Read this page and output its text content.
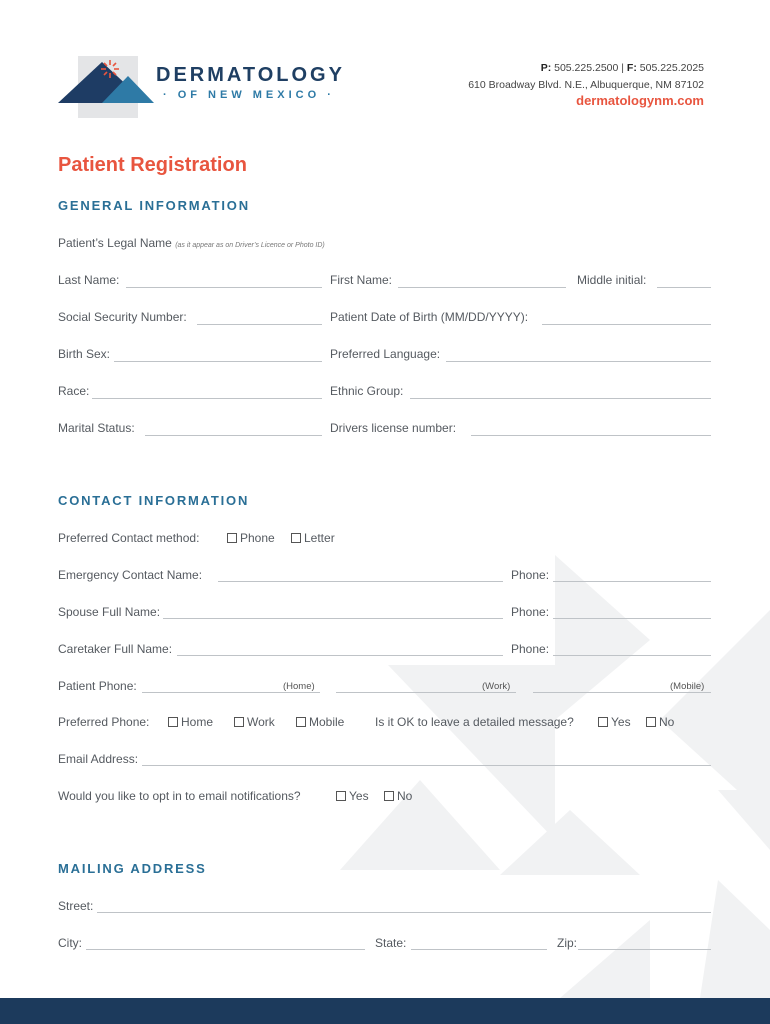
DERMATOLOGY
· OF NEW MEXICO ·
P: 505.225.2500 | F: 505.225.2025
610 Broadway Blvd. N.E., Albuquerque, NM 87102
dermatologynm.com
Patient Registration
GENERAL INFORMATION
Patient’s Legal Name (as it appear as on Driver’s Licence or Photo ID)
Last Name:	First Name:	Middle initial:
Social Security Number:	Patient Date of Birth (MM/DD/YYYY):
Birth Sex:	Preferred Language:
Race:	Ethnic Group:
Marital Status:	Drivers license number:
CONTACT INFORMATION
Preferred Contact method:	Phone	Letter
Emergency Contact Name:	Phone:
Spouse Full Name:	Phone:
Caretaker Full Name:	Phone:
Patient Phone:	(Home)	(Work)	(Mobile)
Preferred Phone:	Home	Work	Mobile	Is it OK to leave a detailed message?	Yes	No
Email Address:
Would you like to opt in to email notifications?	Yes	No
MAILING ADDRESS
Street:
City:	State:	Zip:
